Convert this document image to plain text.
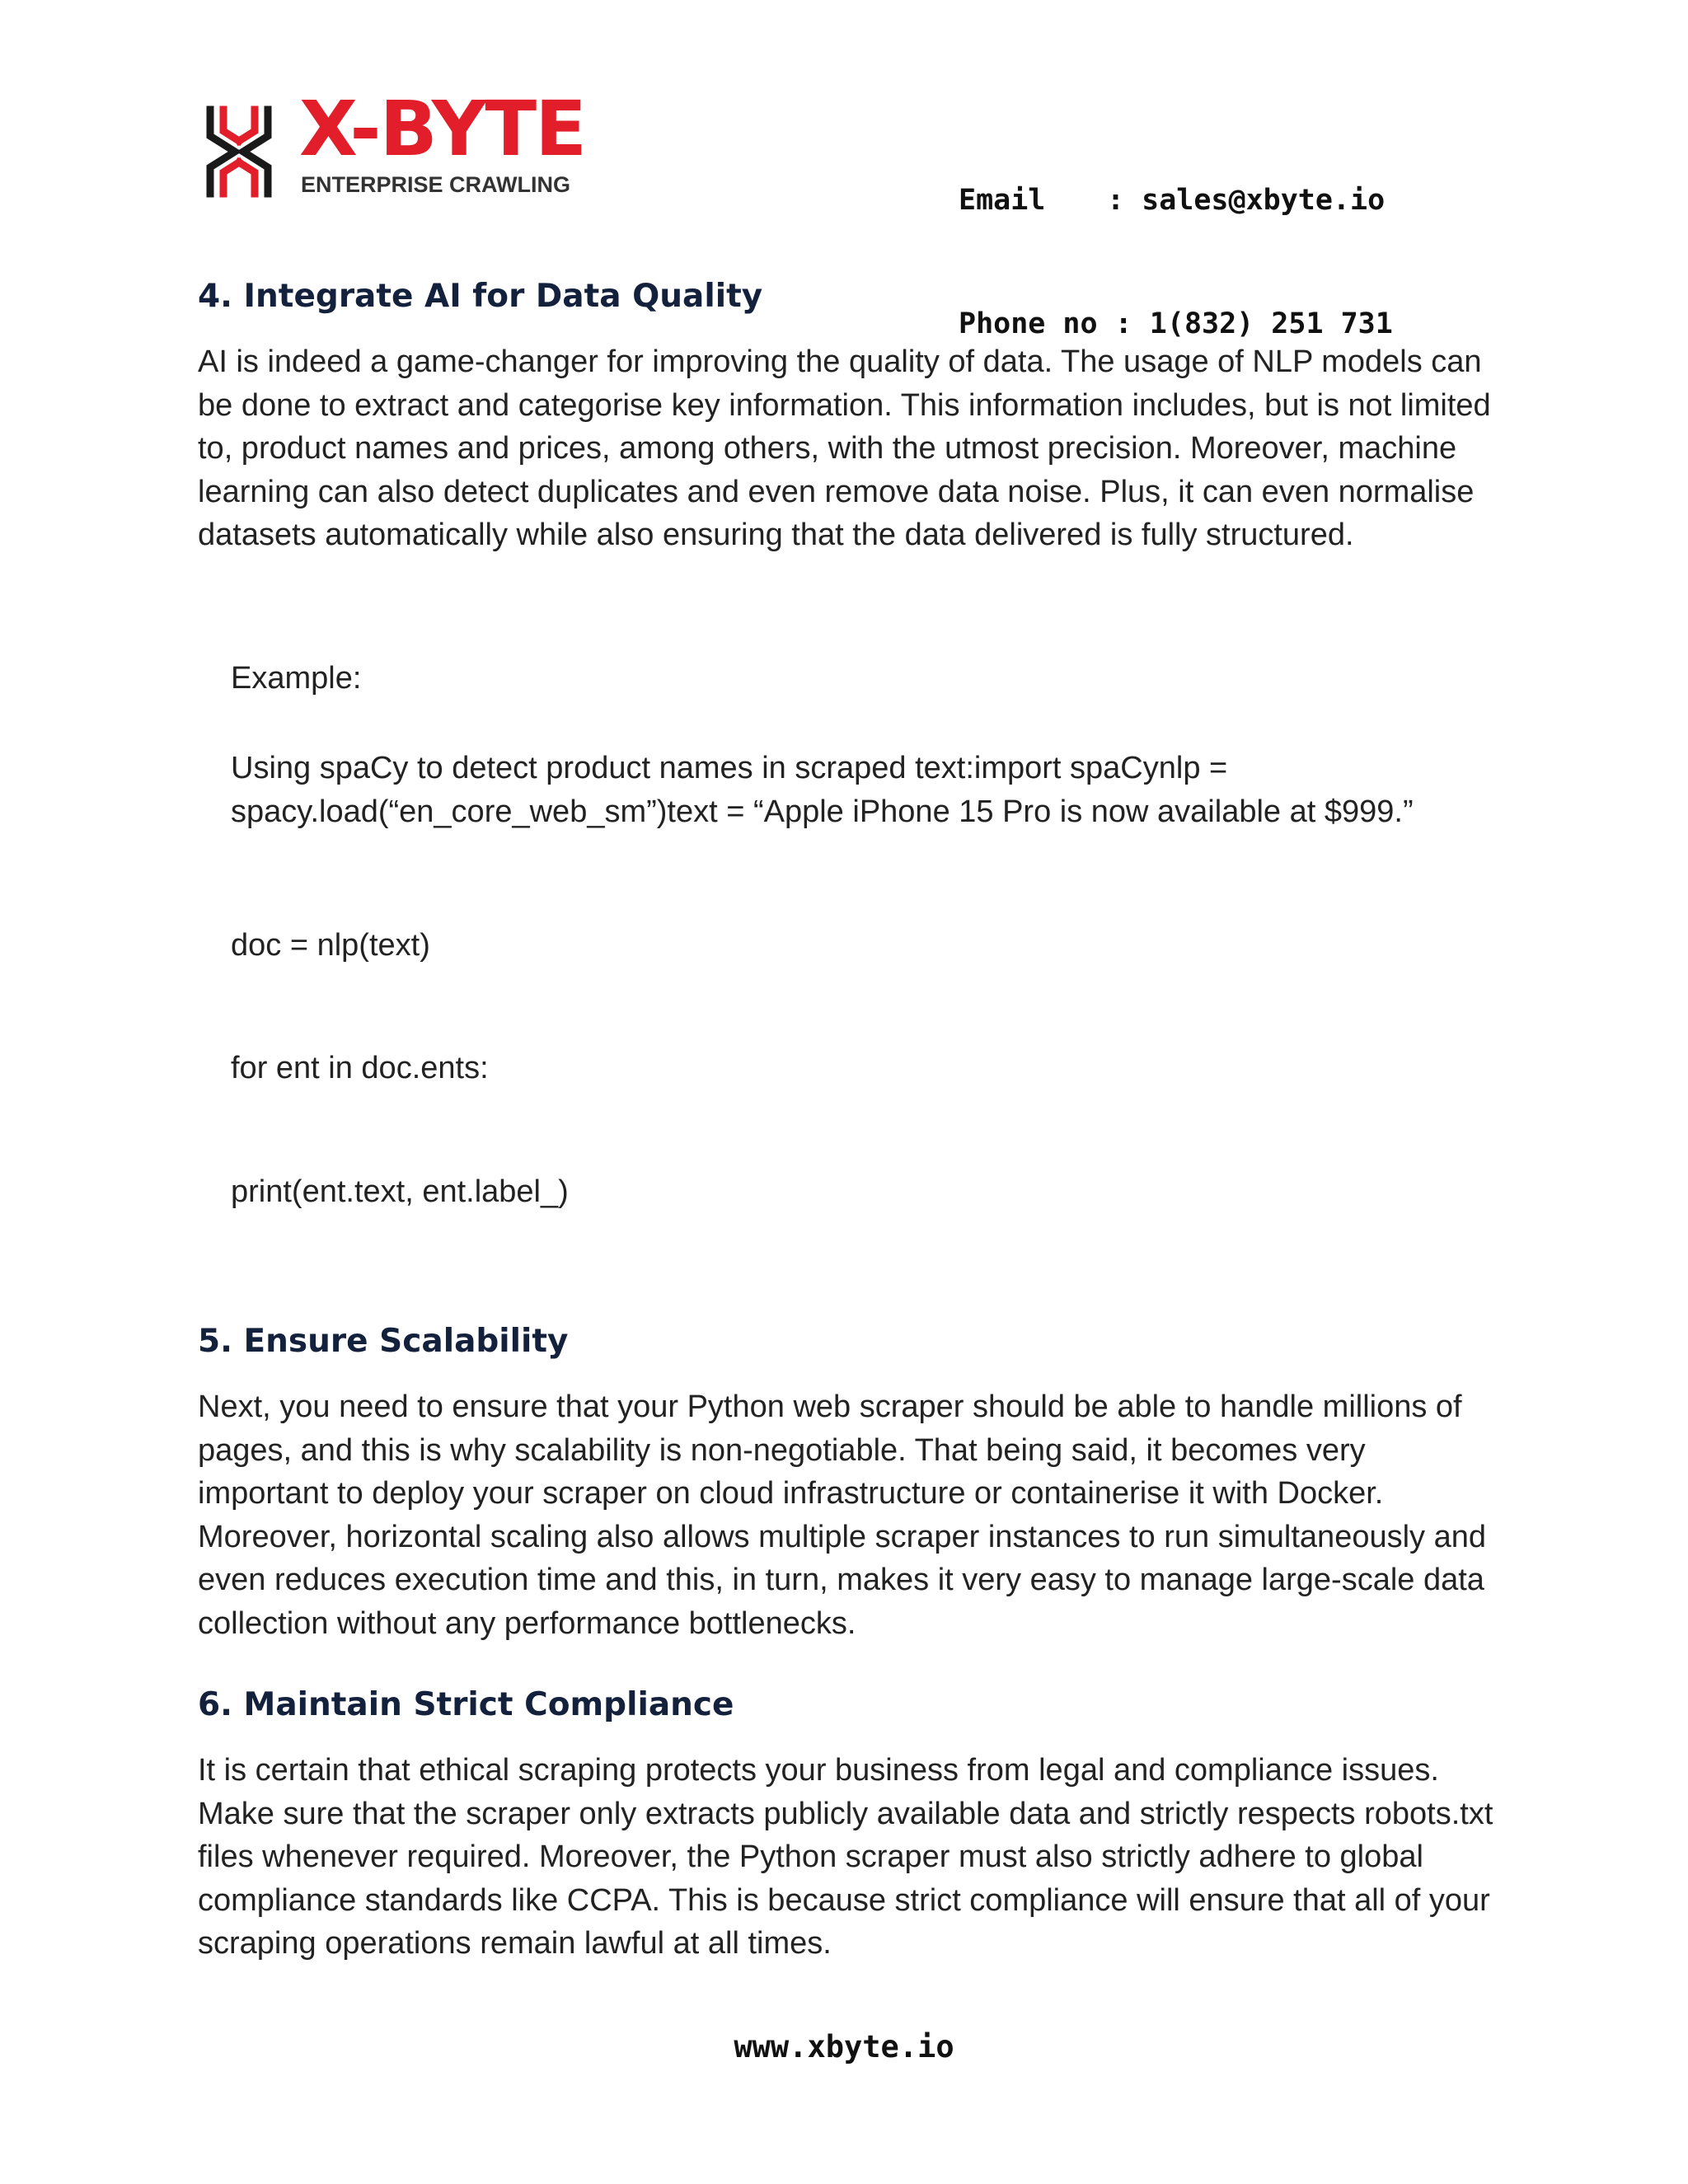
X-BYTE
ENTERPRISE CRAWLING

	Email : sales@xbyte.io

Phone no : 1(832) 251 731

4. Integrate AI for Data Quality

AI is indeed a game-changer for improving the quality of data. The usage of NLP models can be done to extract and categorise key information. This information includes, but is not limited to, product names and prices, among others, with the utmost precision. Moreover, machine learning can also detect duplicates and even remove data noise. Plus, it can even normalise datasets automatically while also ensuring that the data delivered is fully structured.

Example:

Using spaCy to detect product names in scraped text:import spaCynlp = spacy.load(“en_core_web_sm”)text = “Apple iPhone 15 Pro is now available at $999.”

doc = nlp(text)

for ent in doc.ents:

print(ent.text, ent.label_)

5. Ensure Scalability

Next, you need to ensure that your Python web scraper should be able to handle millions of pages, and this is why scalability is non-negotiable. That being said, it becomes very important to deploy your scraper on cloud infrastructure or containerise it with Docker. Moreover, horizontal scaling also allows multiple scraper instances to run simultaneously and even reduces execution time and this, in turn, makes it very easy to manage large-scale data collection without any performance bottlenecks.

6. Maintain Strict Compliance

It is certain that ethical scraping protects your business from legal and compliance issues. Make sure that the scraper only extracts publicly available data and strictly respects robots.txt files whenever required. Moreover, the Python scraper must also strictly adhere to global compliance standards like CCPA. This is because strict compliance will ensure that all of your scraping operations remain lawful at all times.

www.xbyte.io
